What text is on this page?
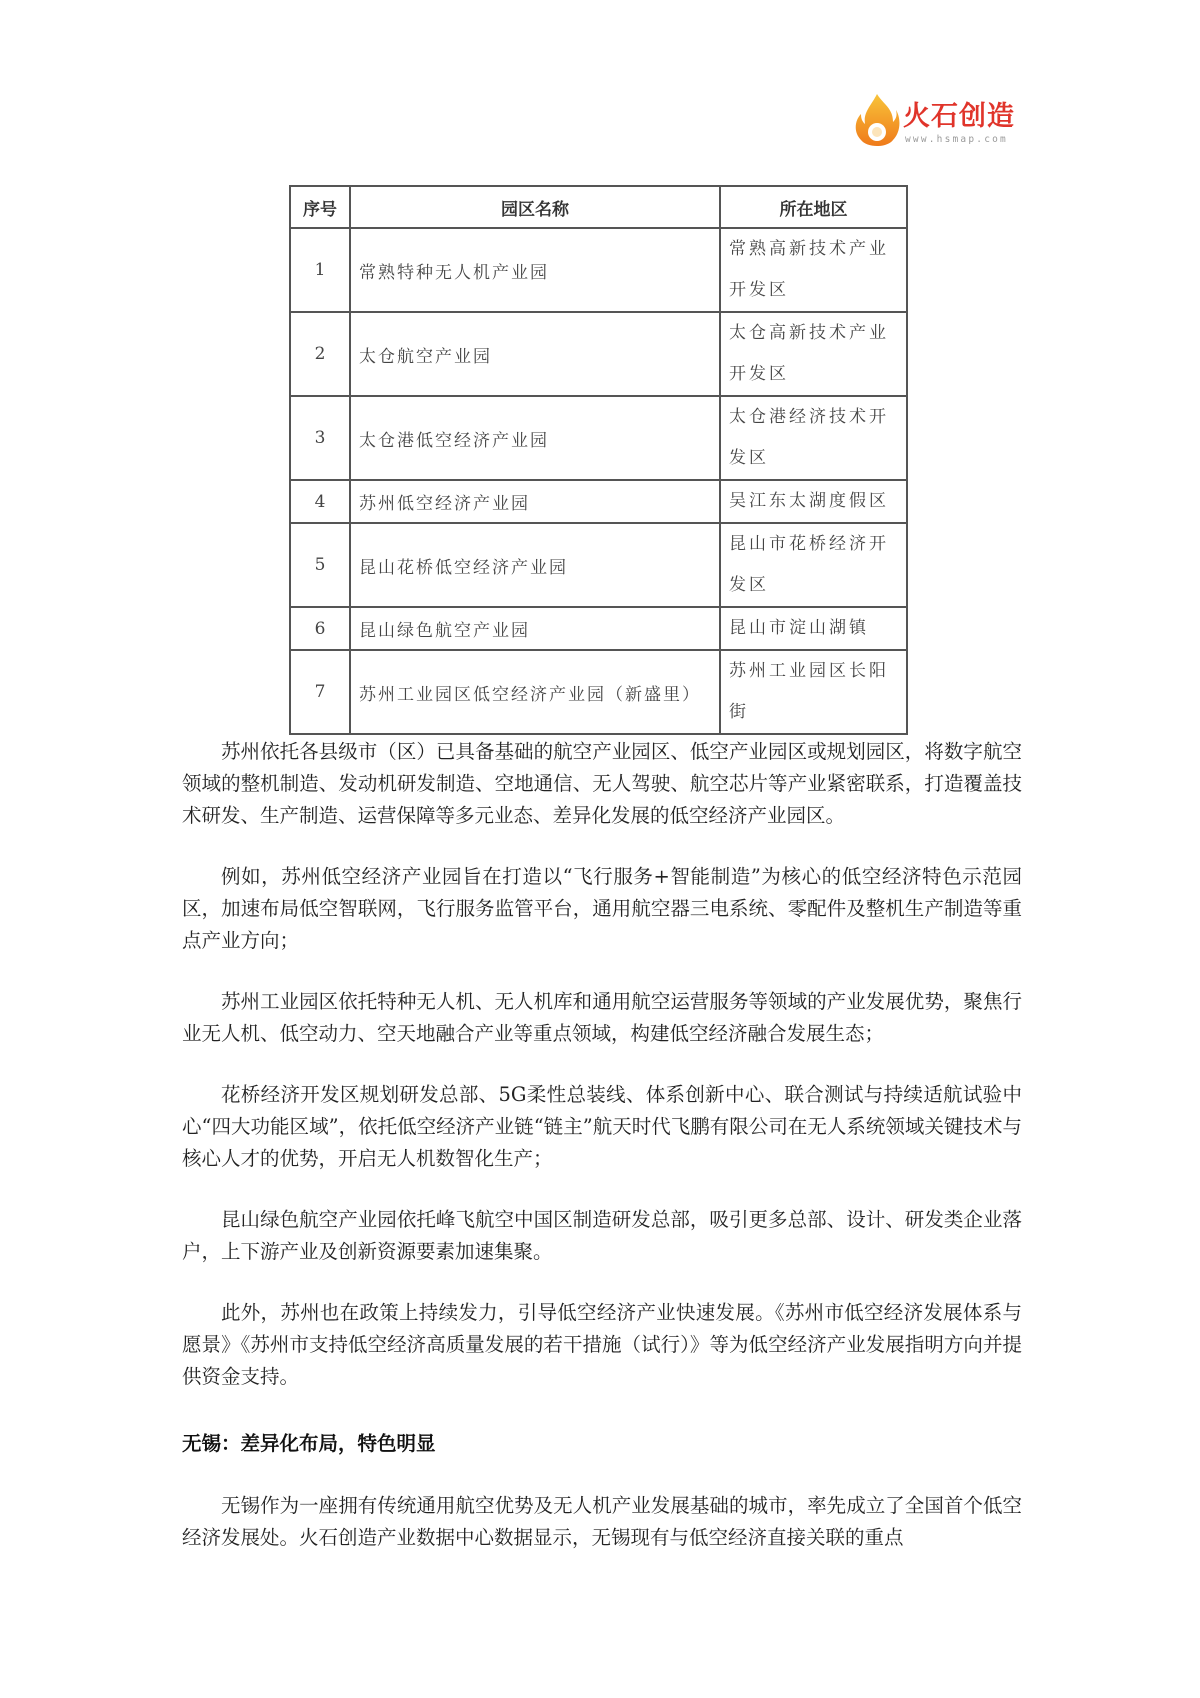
火石创造
www.hsmap.com
序号	园区名称	所在地区
1	常熟特种无人机产业园	常熟高新技术产业开发区
2	太仓航空产业园	太仓高新技术产业开发区
3	太仓港低空经济产业园	太仓港经济技术开发区
4	苏州低空经济产业园	吴江东太湖度假区
5	昆山花桥低空经济产业园	昆山市花桥经济开发区
6	昆山绿色航空产业园	昆山市淀山湖镇
7	苏州工业园区低空经济产业园（新盛里）	苏州工业园区长阳街

苏州依托各县级市（区）已具备基础的航空产业园区、低空产业园区或规划园区，将数字航空领域的整机制造、发动机研发制造、空地通信、无人驾驶、航空芯片等产业紧密联系，打造覆盖技术研发、生产制造、运营保障等多元业态、差异化发展的低空经济产业园区。

例如，苏州低空经济产业园旨在打造以“飞行服务+智能制造”为核心的低空经济特色示范园区，加速布局低空智联网，飞行服务监管平台，通用航空器三电系统、零配件及整机生产制造等重点产业方向；

苏州工业园区依托特种无人机、无人机库和通用航空运营服务等领域的产业发展优势，聚焦行业无人机、低空动力、空天地融合产业等重点领域，构建低空经济融合发展生态；

花桥经济开发区规划研发总部、5G柔性总装线、体系创新中心、联合测试与持续适航试验中心“四大功能区域”，依托低空经济产业链“链主”航天时代飞鹏有限公司在无人系统领域关键技术与核心人才的优势，开启无人机数智化生产；

昆山绿色航空产业园依托峰飞航空中国区制造研发总部，吸引更多总部、设计、研发类企业落户，上下游产业及创新资源要素加速集聚。

此外，苏州也在政策上持续发力，引导低空经济产业快速发展。《苏州市低空经济发展体系与愿景》《苏州市支持低空经济高质量发展的若干措施（试行）》等为低空经济产业发展指明方向并提供资金支持。

无锡：差异化布局，特色明显

无锡作为一座拥有传统通用航空优势及无人机产业发展基础的城市，率先成立了全国首个低空经济发展处。火石创造产业数据中心数据显示，无锡现有与低空经济直接关联的重点
